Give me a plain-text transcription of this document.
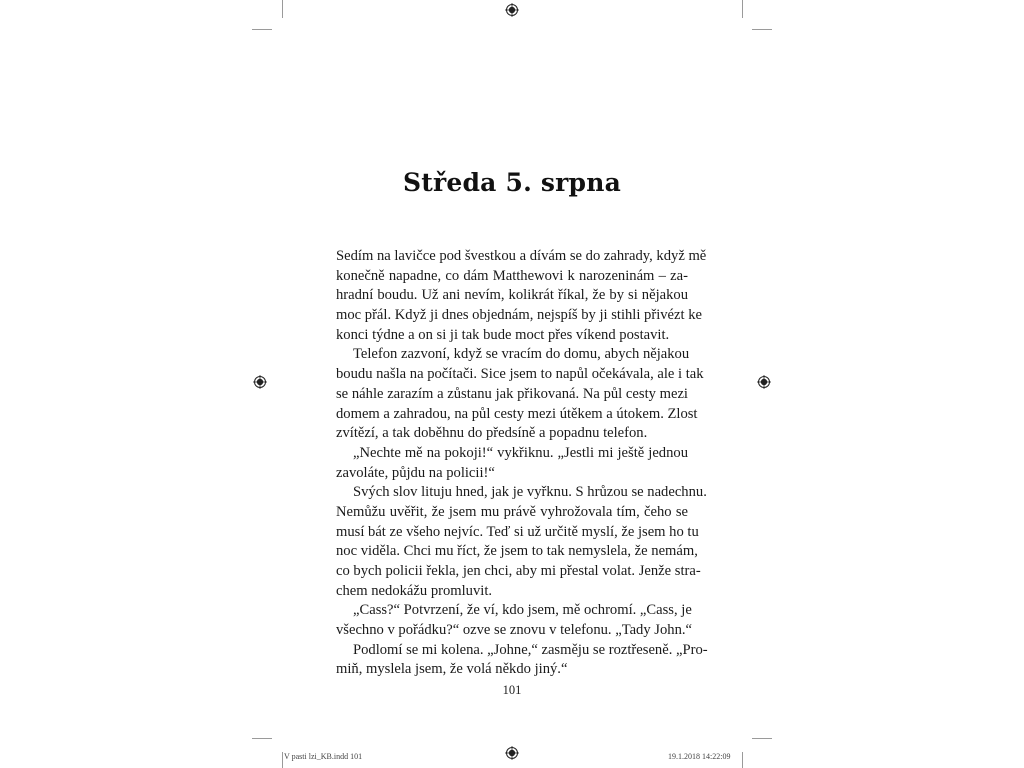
Středa 5. srpna
Sedím na lavičce pod švestkou a dívám se do zahrady, když mě
konečně napadne, co dám Matthewovi k narozeninám – za-
hradní boudu. Už ani nevím, kolikrát říkal, že by si nějakou
moc přál. Když ji dnes objednám, nejspíš by ji stihli přivézt ke
konci týdne a on si ji tak bude moct přes víkend postavit.
Telefon zazvoní, když se vracím do domu, abych nějakou
boudu našla na počítači. Sice jsem to napůl očekávala, ale i tak
se náhle zarazím a zůstanu jak přikovaná. Na půl cesty mezi
domem a zahradou, na půl cesty mezi útěkem a útokem. Zlost
zvítězí, a tak doběhnu do předsíně a popadnu telefon.
„Nechte mě na pokoji!“ vykřiknu. „Jestli mi ještě jednou
zavoláte, půjdu na policii!“
Svých slov lituju hned, jak je vyřknu. S hrůzou se nadechnu.
Nemůžu uvěřit, že jsem mu právě vyhrožovala tím, čeho se
musí bát ze všeho nejvíc. Teď si už určitě myslí, že jsem ho tu
noc viděla. Chci mu říct, že jsem to tak nemyslela, že nemám,
co bych policii řekla, jen chci, aby mi přestal volat. Jenže stra-
chem nedokážu promluvit.
„Cass?“ Potvrzení, že ví, kdo jsem, mě ochromí. „Cass, je
všechno v pořádku?“ ozve se znovu v telefonu. „Tady John.“
Podlomí se mi kolena. „Johne,“ zasměju se roztřeseně. „Pro-
miň, myslela jsem, že volá někdo jiný.“
101
V pasti lzi_KB.indd 101	19.1.2018 14:22:09
